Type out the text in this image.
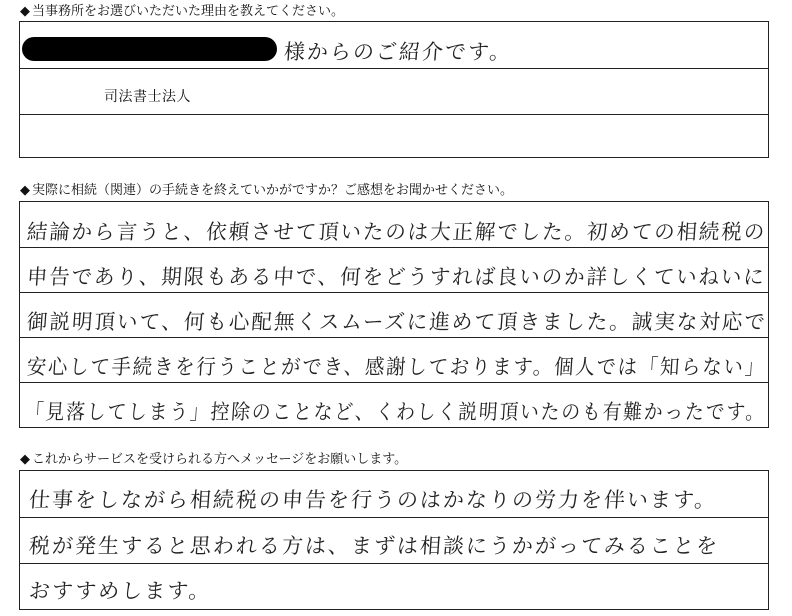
◆ 当事務所をお選びいただいた理由を教えてください。
様からのご紹介です。
司法書士法人
◆ 実際に相続（関連）の手続きを終えていかがですか？ご感想をお聞かせください。
結論から言うと、依頼させて頂いたのは大正解でした。初めての相続税の
申告であり、期限もある中で、何をどうすれば良いのか詳しくていねいに
御説明頂いて、何も心配無くスムーズに進めて頂きました。誠実な対応で
安心して手続きを行うことができ、感謝しております。個人では「知らない」
「見落してしまう」控除のことなど、くわしく説明頂いたのも有難かったです。
◆ これからサービスを受けられる方へメッセージをお願いします。
仕事をしながら相続税の申告を行うのはかなりの労力を伴います。
税が発生すると思われる方は、まずは相談にうかがってみることを
おすすめします。
